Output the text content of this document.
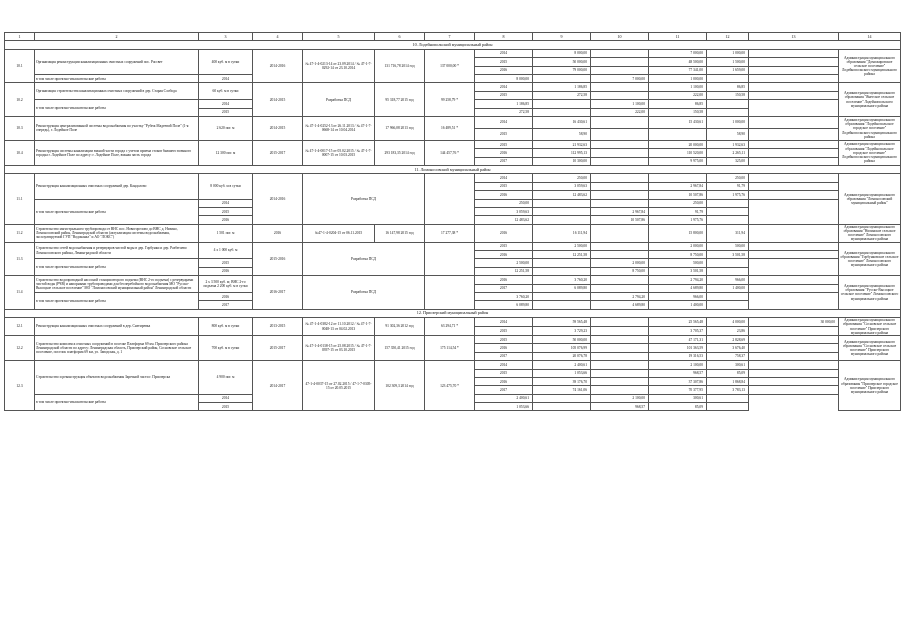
1	2	3	4	5	6	7	8	9	10	11	12	13	14	
10. Лодейнопольский муниципальный район														
10.1	Организация реконструкции канализационных очистных сооружений пос. Рассвет	400 куб. м в сутки	2014-2016	№ 47-1-4-0213-14 от 23.09.2014 / № 47-1-7-0292-14 от 23.10.2014	131 716,78 2014 год	137 000,00 *	2014	8 000,00		7 000,00	1 000,00		Администрация муниципального образования "Доможировское сельское поселение" Лодейнопольского муниципального района	
							2015	50 000,00		48 500,00	1 500,00			
							2016	79 000,00		77 341,00	1 659,00			
	в том числе проектно-изыскательские работы	2014					8 000,00		7 000,00	1 000,00				
10.2	Организация строительства канализационных очистных сооружений в дер. Старая Слобода	60 куб. м в сутки	2014-2015	Разработка ПСД	95 318,77 2015 год	99 258,79 *	2014	1 186,85		1 100,00	86,85		Администрация муниципального образования "Янегское сельское поселение" Лодейнопольского муниципального района	
							2015	272,58		222,00	150,58			
	в том числе проектно-изыскательские работы	2014					1 186,85		1 100,00	86,85				
		2015					272,58		222,00	150,58				
10.3	Реконструкция централизованной системы водоснабжения по участку "Рубеж Мадеевой Поле" (1-я очередь), г. Лодейное Поле	2 620 пог. м	2014-2015	№ 47-1-4-0252-13 от 26.11.2013 / № 47-1-7-0668-14 от 10.04.2014	17 966,08 2013 год	16 489,51 *	2014	16 430,61		15 430,61	1 000,00		Администрация муниципального образования "Лодейнопольское городское поселение" Лодейнопольского муниципального района	
							2015	58,90			58,90			
10.4	Реконструкция системы канализации южной части города с учетом приема стоков бывшего военного городка г. Лодейное Поле по адресу: г. Лодейное Поле, южная часть города	12 300 пог. м	2015-2017	№ 47-1-4-0017-15 от 05.02.2015 / № 47-1-7-0007-15 от 10.03.2015	293 183,35 2014 год	144 457,76 *	2015	21 932,63		20 000,00	1 932,63		Администрация муниципального образования "Лодейнопольское городское поселение" Лодейнопольского муниципального района	
							2016	112 995,13		110 520,00	2 265,11			
							2017	10 300,00		9 975,00	325,00			
11. Ломоносовский муниципальный район														
11.1	Реконструкция канализационных очистных сооружений дер. Кандолово	8 000 куб. м в сутки	2014-2016	Разработка ПСД			2014	250,00			250,00		Администрация муниципального образования "Ломоносовский муниципальный район"	
							2015	3 059,63		2 967,84	91,79			
							2016	12 483,62		10 507,86	1 975,76			
	в том числе проектно-изыскательские работы	2014					250,00			250,00				
		2015					3 059,63		2 967,84	91,79				
		2016					12 483,62		10 507,86	1 975,76				
11.2	Строительство магистрального трубопровода от ВНС пос. Новогорелово до ВНС д. Низино, Ломоносовский район, Ленинградской области (актуализация системы водоснабжения, эксплуатируемой ГУП "Водоканал" и АО "ЛОКС")	1 501 пог. м	2016	№47-1-4-0204-15 от 06.11.2015	16 147,98 2015 год	17 277,38 *	2016	16 111,94		15 800,00	311,94		Администрация муниципального образования "Низинское сельское поселение" Ломоносовского муниципального района	
11.3	Строительство сетей водоснабжения и резервуаров чистой воды в дер. Горбунки и дер. Разбегаево Ломоносовского района, Ленинградской области	4 х 1 000 куб. м	2015-2016	Разработка ПСД			2015	2 500,00		2 000,00	500,00		Администрация муниципального образования "Горбунковское сельское поселение" Ломоносовского муниципального района	
							2016	12 251,58		8 750,00	3 501,58			
	в том числе проектно-изыскательские работы	2015					2 500,00		2 000,00	500,00				
		2016					12 251,58		8 750,00	3 501,58				
11.4	Строительство водопроводной насосной станции второго подъема (ВНС 2-го подъема) с резервуарами чистой воды (РЧВ) и напорными трубопроводами для бесперебойного водоснабжения МО "Русско-Высоцкое сельское поселение" МО "Ломоносовский муниципальный район" Ленинградской области	2 х 3 500 куб. м; ВНС 2-го подъема 2 200 куб. м в сутки	2016-2017	Разработка ПСД			2016	3 760,20		2 794,20	966,00		Администрация муниципального образования "Русско-Высоцкое сельское поселение" Ломоносовского муниципального района	
							2017	6 089,80		4 689,80	1 400,00			
	в том числе проектно-изыскательские работы	2016					3 760,20		2 794,20	966,00				
		2017					6 089,80		4 689,80	1 400,00				
12. Приозерский муниципальный район														
12.1	Реконструкция канализационных очистных сооружений в дер. Снегиревка	800 куб. м в сутки	2013-2015	№ 47-1-4-0382-12 от 11.10.2012 / № 47-1-7-0048-13 от 04.02.2013	91 302,36 2012 год	63 294,71 *	2014	59 565,48		25 565,48	4 000,00	30 000,00	Администрация муниципального образования "Сосновское сельское поселение" Приозерского муниципального района	
							2015	3 729,23		3 705,37	23,86			
12.2	Строительство комплекса очистных сооружений в поселке Платформа 69 км. Приозерского района Ленинградской области по адресу: Ленинградская область, Приозерский район, Сосновское сельское поселение, поселок платформа 69 км, ул. Заводская, д. 1	700 куб. м в сутки	2015-2017	№ 47-1-4-0138-15 от 25.08.2015 / № 47-1-7-0397-15 от 03.10.2015	157 350,41 2015 год	175 114,54 *	2015	50 000,00		47 171,31	2 828,69		Администрация муниципального образования "Сосновское сельское поселение" Приозерского муниципального района	
							2016	105 076,99		101 363,59	3 676,40			
							2017	20 076,78		19 316,53	758,37			
12.3	Строительство и реконструкция объектов водоснабжения Заречной части г. Приозерска	4 900 пог. м	2014-2017	47-1-4-0037-15 от 27.02.2015 / 47-1-7-0305-15 от 20.05.2015	102 309,3 2014 год	123 475,70 *	2014	2 400,61		2 100,00	300,61		Администрация муниципального образования "Приозерское городское поселение" Приозерского муниципального района	
							2015	1 053,66		968,57	85,09			
							2016	39 176,70		37 307,86	1 868,84			
							2017	74 161,06		70 377,95	3 783,13			
	в том числе проектно-изыскательские работы	2014					2 400,61		2 100,00	300,61				
		2015					1 053,66		968,57	85,09				
